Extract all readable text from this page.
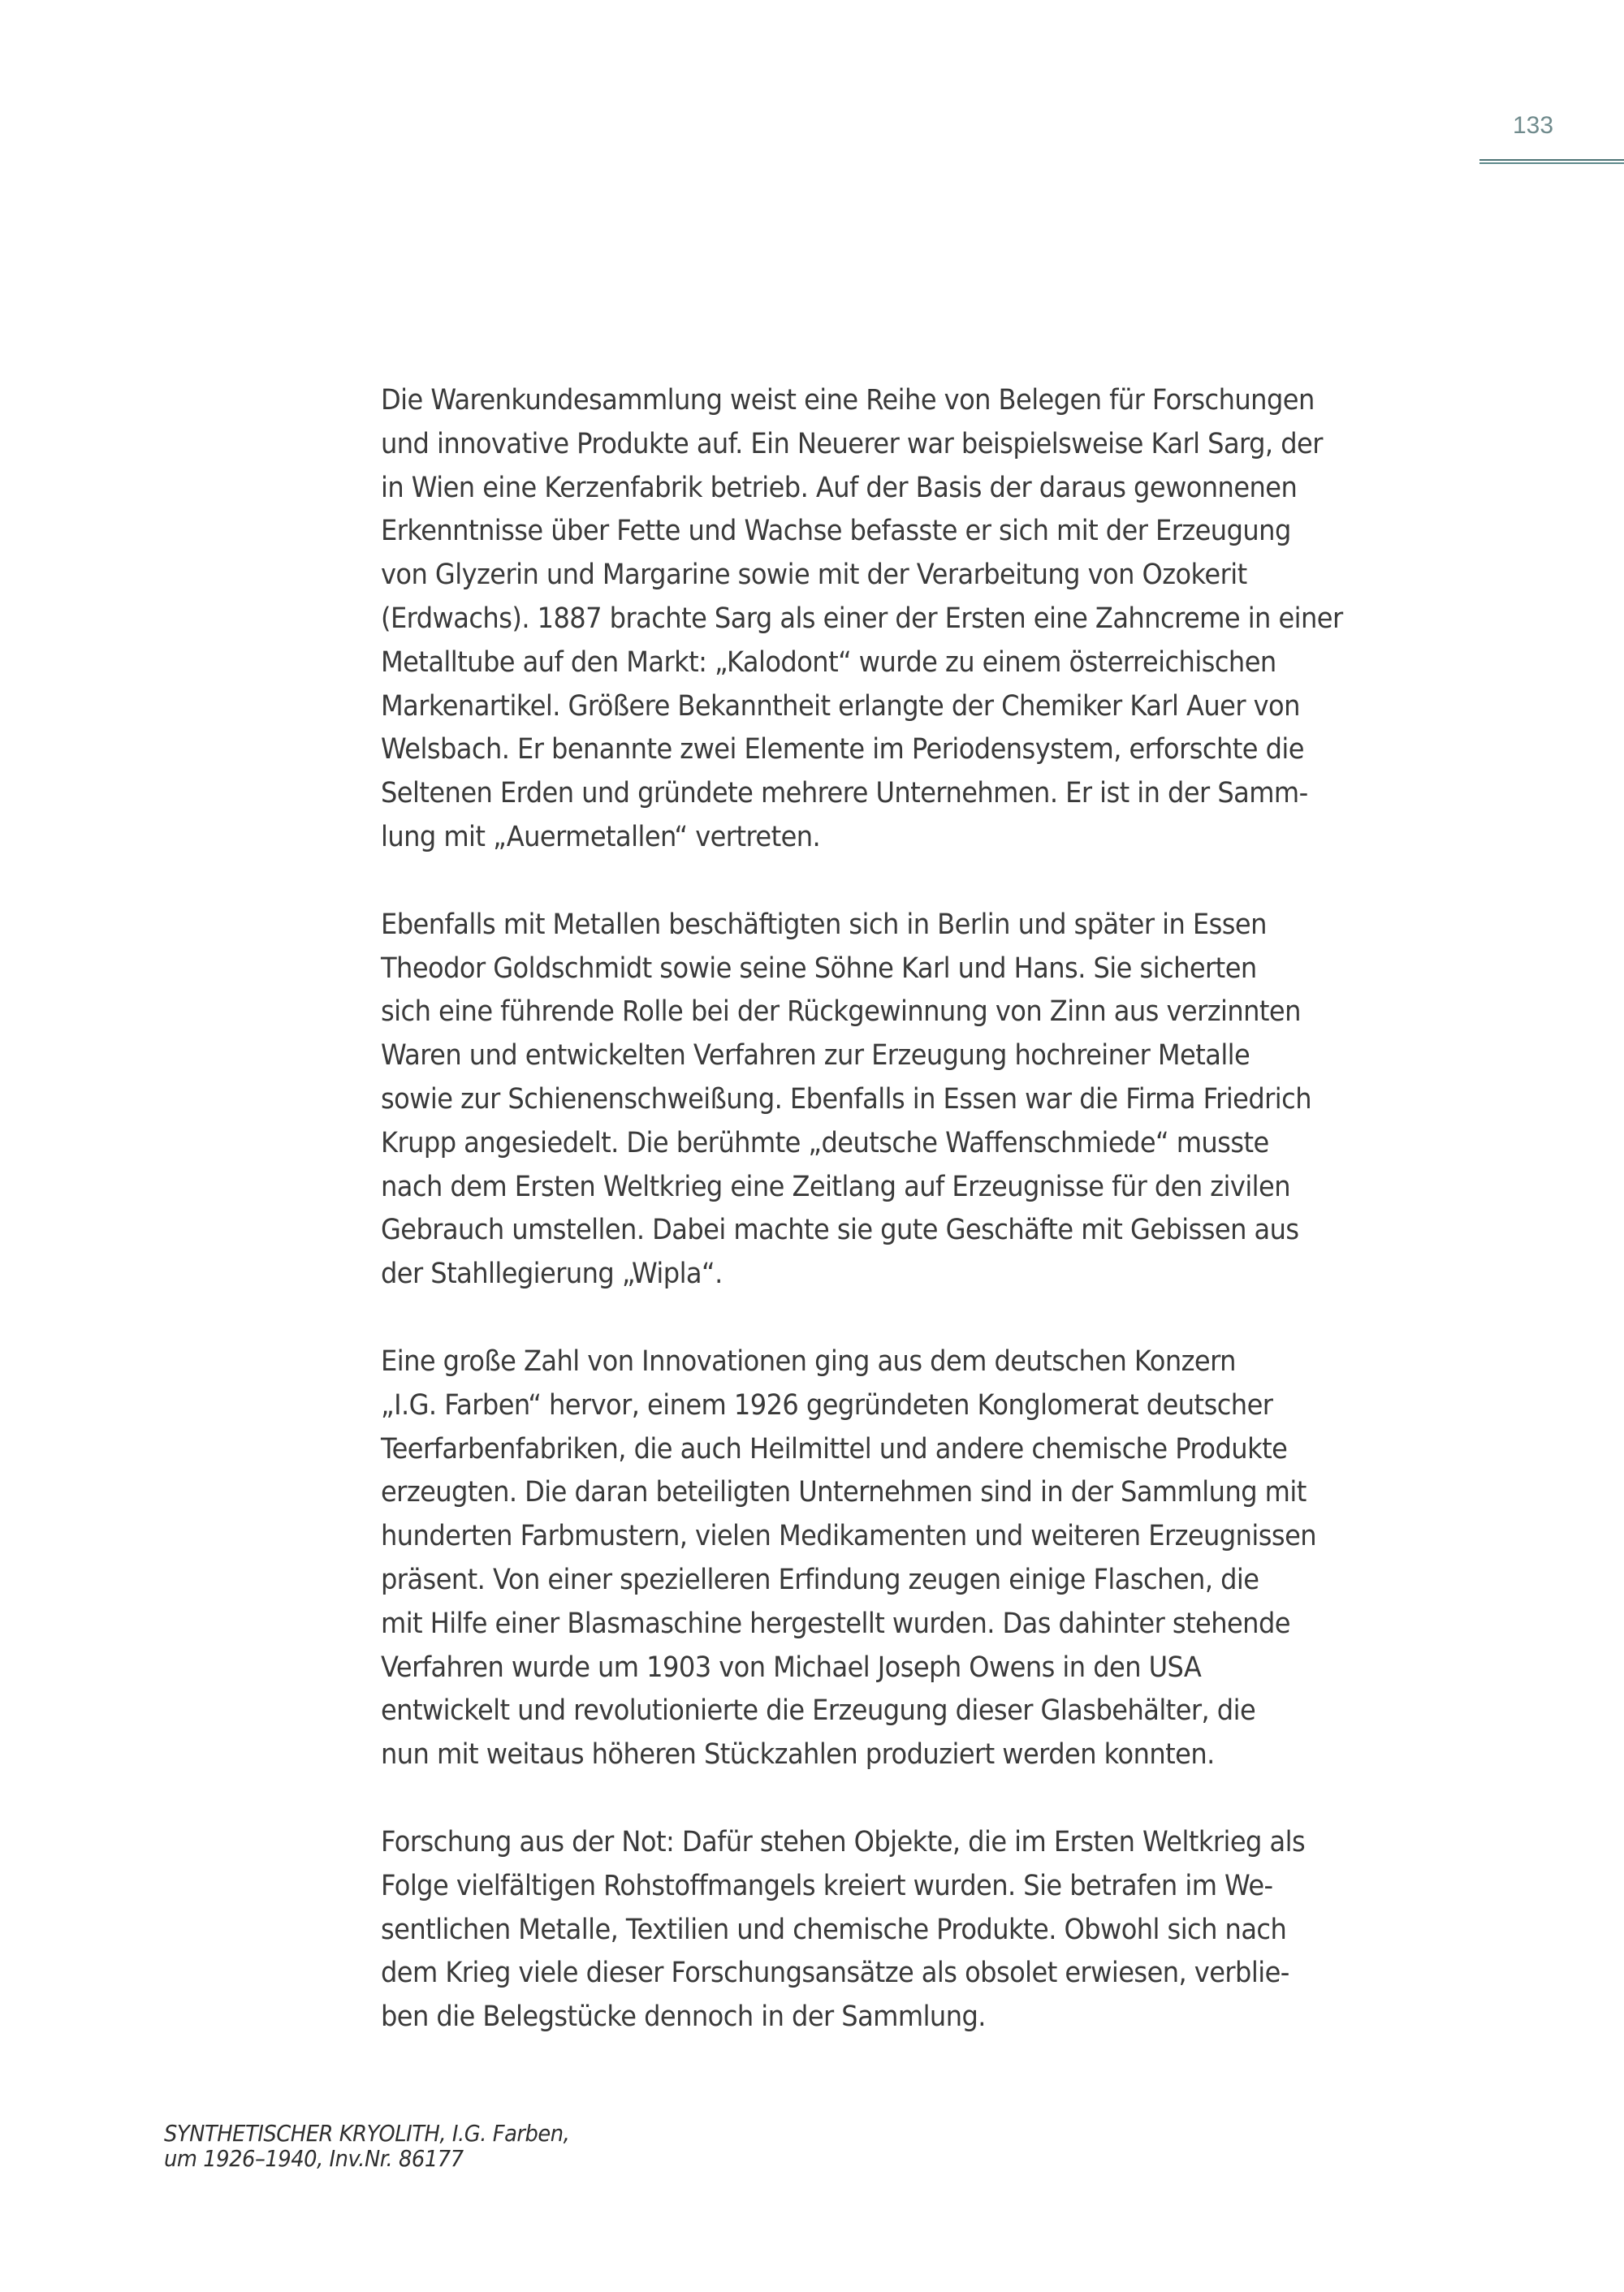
133
Die Warenkundesammlung weist eine Reihe von Belegen für Forschungen
und innovative Produkte auf. Ein Neuerer war beispielsweise Karl Sarg, der
in Wien eine Kerzenfabrik betrieb. Auf der Basis der daraus gewonnenen
Erkenntnisse über Fette und Wachse befasste er sich mit der Erzeugung
von Glyzerin und Margarine sowie mit der Verarbeitung von Ozokerit
(Erdwachs). 1887 brachte Sarg als einer der Ersten eine Zahncreme in einer
Metalltube auf den Markt: „Kalodont“ wurde zu einem österreichischen
Markenartikel. Größere Bekanntheit erlangte der Chemiker Karl Auer von
Welsbach. Er benannte zwei Elemente im Periodensystem, erforschte die
Seltenen Erden und gründete mehrere Unternehmen. Er ist in der Samm-
lung mit „Auermetallen“ vertreten.
Ebenfalls mit Metallen beschäftigten sich in Berlin und später in Essen
Theodor Goldschmidt sowie seine Söhne Karl und Hans. Sie sicherten
sich eine führende Rolle bei der Rückgewinnung von Zinn aus verzinnten
Waren und entwickelten Verfahren zur Erzeugung hochreiner Metalle
sowie zur Schienenschweißung. Ebenfalls in Essen war die Firma Friedrich
Krupp angesiedelt. Die berühmte „deutsche Waffenschmiede“ musste
nach dem Ersten Weltkrieg eine Zeitlang auf Erzeugnisse für den zivilen
Gebrauch umstellen. Dabei machte sie gute Geschäfte mit Gebissen aus
der Stahllegierung „Wipla“.
Eine große Zahl von Innovationen ging aus dem deutschen Konzern
„I.G. Farben“ hervor, einem 1926 gegründeten Konglomerat deutscher
Teerfarbenfabriken, die auch Heilmittel und andere chemische Produkte
erzeugten. Die daran beteiligten Unternehmen sind in der Sammlung mit
hunderten Farbmustern, vielen Medikamenten und weiteren Erzeugnissen
präsent. Von einer spezielleren Erfindung zeugen einige Flaschen, die
mit Hilfe einer Blasmaschine hergestellt wurden. Das dahinter stehende
Verfahren wurde um 1903 von Michael Joseph Owens in den USA
entwickelt und revolutionierte die Erzeugung dieser Glasbehälter, die
nun mit weitaus höheren Stückzahlen produziert werden konnten.
Forschung aus der Not: Dafür stehen Objekte, die im Ersten Weltkrieg als
Folge vielfältigen Rohstoffmangels kreiert wurden. Sie betrafen im We-
sentlichen Metalle, Textilien und chemische Produkte. Obwohl sich nach
dem Krieg viele dieser Forschungsansätze als obsolet erwiesen, verblie-
ben die Belegstücke dennoch in der Sammlung.
SYNTHETISCHER KRYOLITH, I.G. Farben,
um 1926–1940, Inv.Nr. 86177
